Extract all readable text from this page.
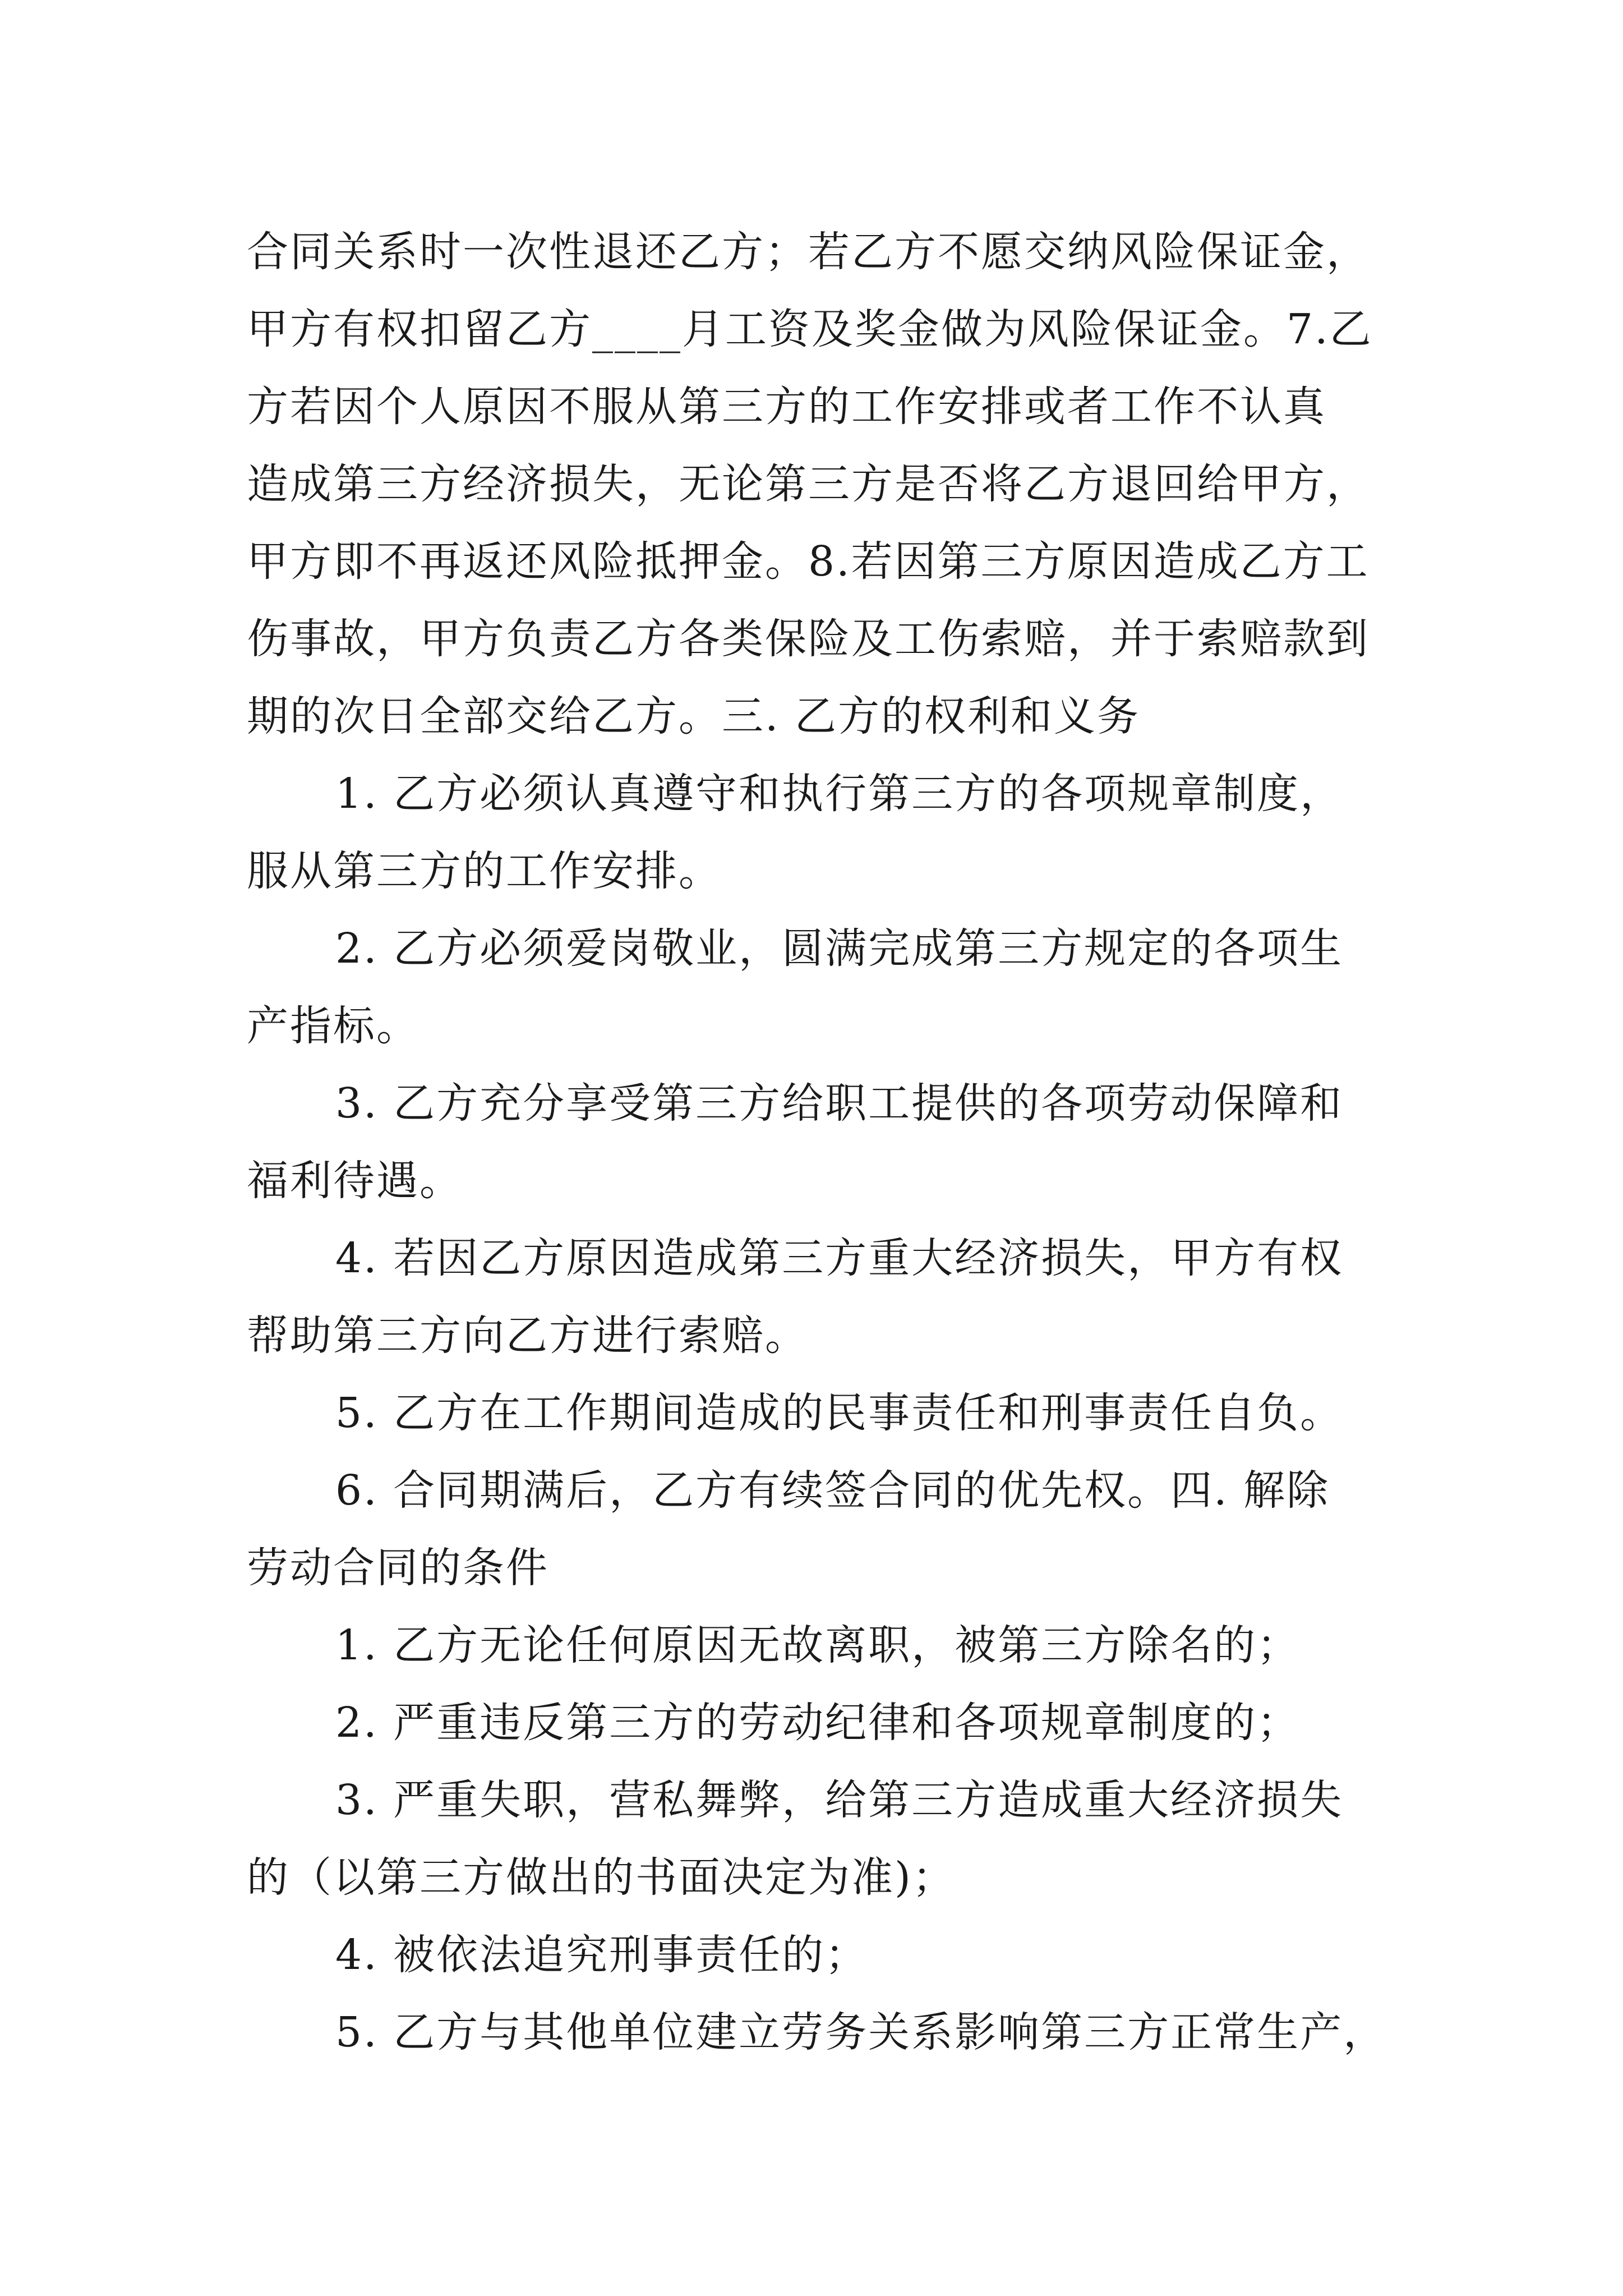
合同关系时一次性退还乙方；若乙方不愿交纳风险保证金，
甲方有权扣留乙方____月工资及奖金做为风险保证金。7.乙
方若因个人原因不服从第三方的工作安排或者工作不认真
造成第三方经济损失，无论第三方是否将乙方退回给甲方，
甲方即不再返还风险抵押金。8.若因第三方原因造成乙方工
伤事故，甲方负责乙方各类保险及工伤索赔，并于索赔款到
期的次日全部交给乙方。三. 乙方的权利和义务
1. 乙方必须认真遵守和执行第三方的各项规章制度，
服从第三方的工作安排。
2. 乙方必须爱岗敬业，圆满完成第三方规定的各项生
产指标。
3. 乙方充分享受第三方给职工提供的各项劳动保障和
福利待遇。
4. 若因乙方原因造成第三方重大经济损失，甲方有权
帮助第三方向乙方进行索赔。
5. 乙方在工作期间造成的民事责任和刑事责任自负。
6. 合同期满后，乙方有续签合同的优先权。四. 解除
劳动合同的条件
1. 乙方无论任何原因无故离职，被第三方除名的；
2. 严重违反第三方的劳动纪律和各项规章制度的；
3. 严重失职，营私舞弊，给第三方造成重大经济损失
的（以第三方做出的书面决定为准)；
4. 被依法追究刑事责任的；
5. 乙方与其他单位建立劳务关系影响第三方正常生产，
